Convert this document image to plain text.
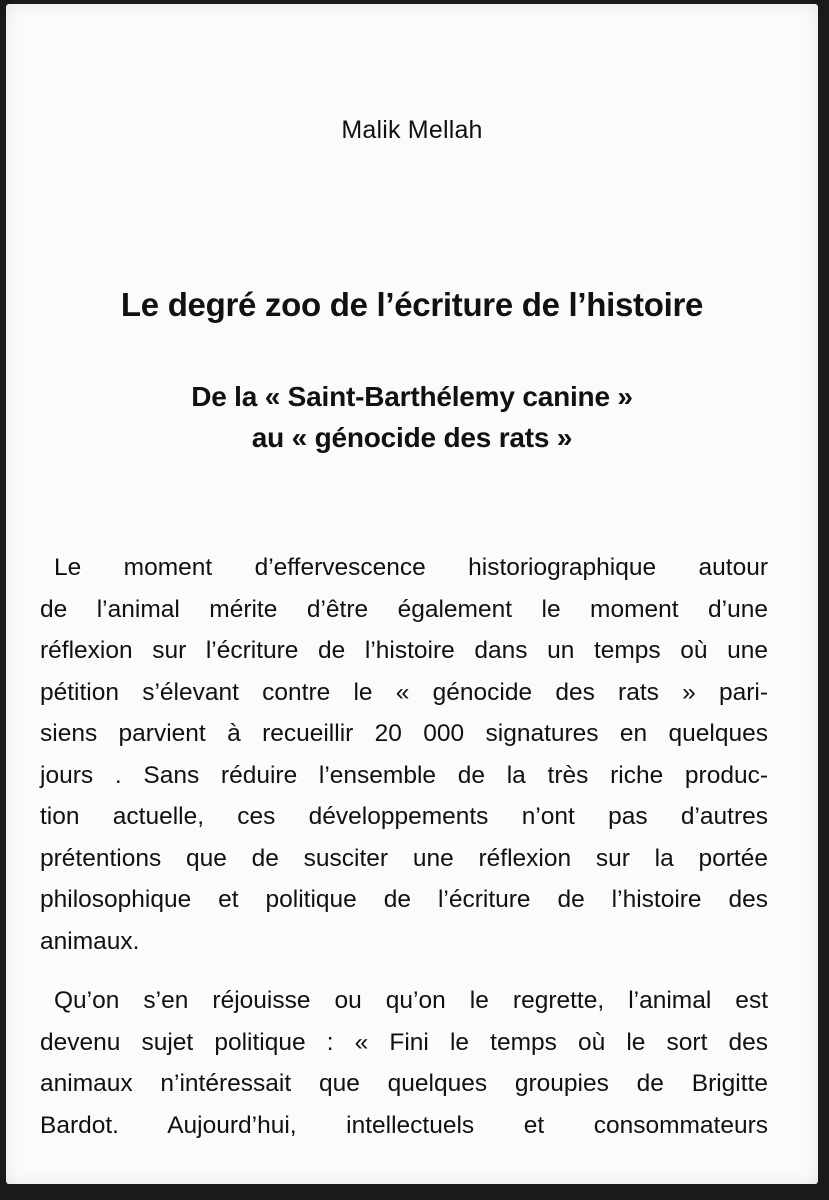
Malik Mellah
Le degré zoo de l’écriture de l’histoire
De la « Saint-Barthélemy canine »
au « génocide des rats »
Le moment d’effervescence historiographique autour
de l’animal mérite d’être également le moment d’une
réflexion sur l’écriture de l’histoire dans un temps où une
pétition s’élevant contre le « génocide des rats » pari-
siens parvient à recueillir 20 000 signatures en quelques
jours . Sans réduire l’ensemble de la très riche produc-
tion actuelle, ces développements n’ont pas d’autres
prétentions que de susciter une réflexion sur la portée
philosophique et politique de l’écriture de l’histoire des
animaux.
Qu’on s’en réjouisse ou qu’on le regrette, l’animal est
devenu sujet politique : « Fini le temps où le sort des
animaux n’intéressait que quelques groupies de Brigitte
Bardot. Aujourd’hui, intellectuels et consommateurs
